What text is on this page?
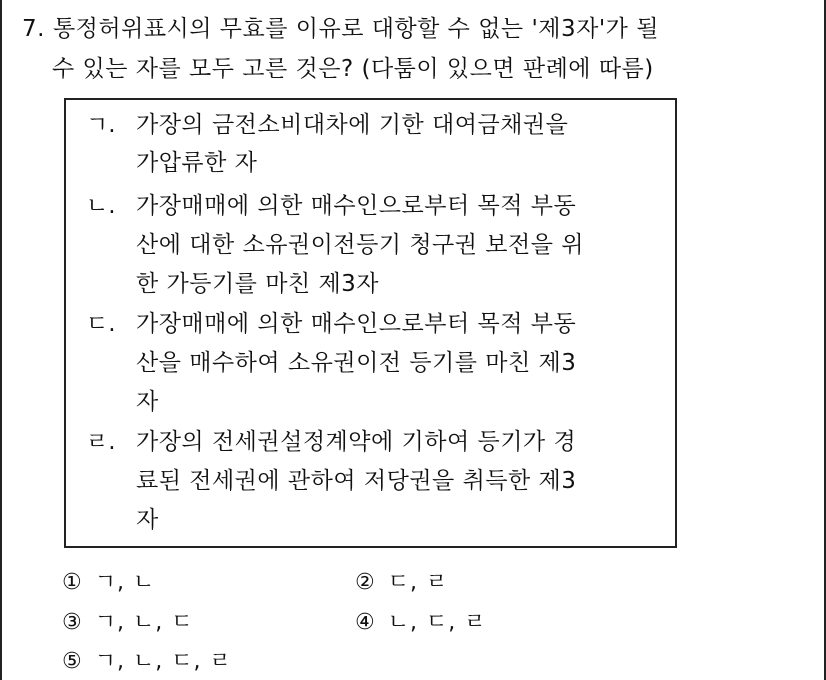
7. 통정허위표시의 무효를 이유로 대항할 수 없는 '제3자'가 될
수 있는 자를 모두 고른 것은? (다툼이 있으면 판례에 따름)
ㄱ. 가장의 금전소비대차에 기한 대여금채권을
가압류한 자
ㄴ. 가장매매에 의한 매수인으로부터 목적 부동
산에 대한 소유권이전등기 청구권 보전을 위
한 가등기를 마친 제3자
ㄷ. 가장매매에 의한 매수인으로부터 목적 부동
산을 매수하여 소유권이전 등기를 마친 제3
자
ㄹ. 가장의 전세권설정계약에 기하여 등기가 경
료된 전세권에 관하여 저당권을 취득한 제3
자
① ㄱ, ㄴ	② ㄷ, ㄹ
③ ㄱ, ㄴ, ㄷ	④ ㄴ, ㄷ, ㄹ
⑤ ㄱ, ㄴ, ㄷ, ㄹ
